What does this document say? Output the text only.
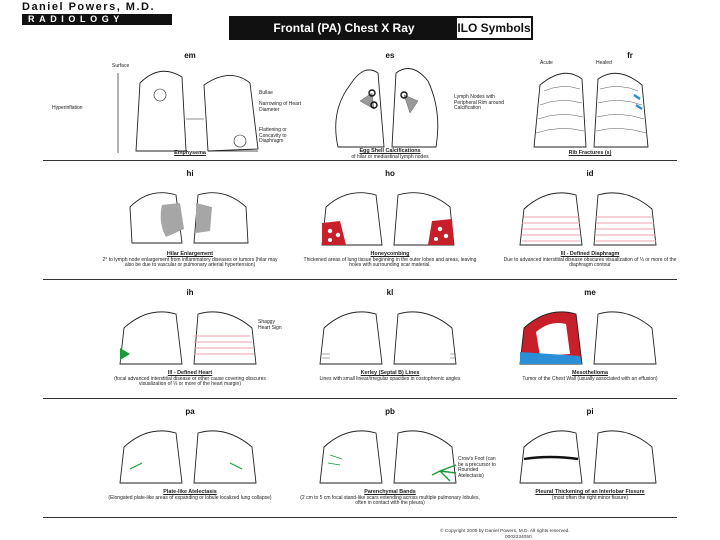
Daniel Powers, M.D.
RADIOLOGY
Frontal (PA) Chest X Ray	ILO Symbols
em
Surface
Hyperinflation
Bullae
Narrowing of Heart Diameter
Flattening or Concavity to Diaphragm
Emphysema
es
Lymph Nodes with Peripheral Rim around Calcification
Egg Shell Calcifications
of hilar or mediastinal lymph nodes
fr
Acute	Healed
Rib Fractures (s)
hi
Hilar Enlargement
2° to lymph node enlargement from inflammatory diseases or tumors (hilar may also be due to vascular or pulmonary arterial hypertension)
ho
Honeycombing
Thickened areas of lung tissue beginning in the outer lobes and areas, leaving holes with surrounding scar material.
id
Ill - Defined Diaphragm
Due to advanced interstitial disease obscures visualization of ⅓ or more of the diaphragm contour
ih
Shaggy Heart Sign
Ill - Defined Heart
(focal advanced interstitial disease or other cause covering obscures visualization of ⅓ or more of the heart margin)
kl
Kerley (Septal B) Lines
Lines with small linear/irregular opacities in costophrenic angles
me
Mesothelioma
Tumor of the Chest Wall (usually associated with an effusion)
pa
Plate-like Atelectasis
(Elongated plate-like areas of expanding or lobule localized lung collapse)
pb
Crow's Foot (can be a precursor to Rounded Atelectasis)
Parenchymal Bands
(2 cm to 5 cm focal stand-like scars extending across multiple pulmonary lobules, often in contact with the pleura)
pi
Pleural Thickening of an Interlobar Fissure
(most often the right minor fissure)
© Copyright 2005 by Daniel Powers, M.D. All rights reserved.
0002234050
